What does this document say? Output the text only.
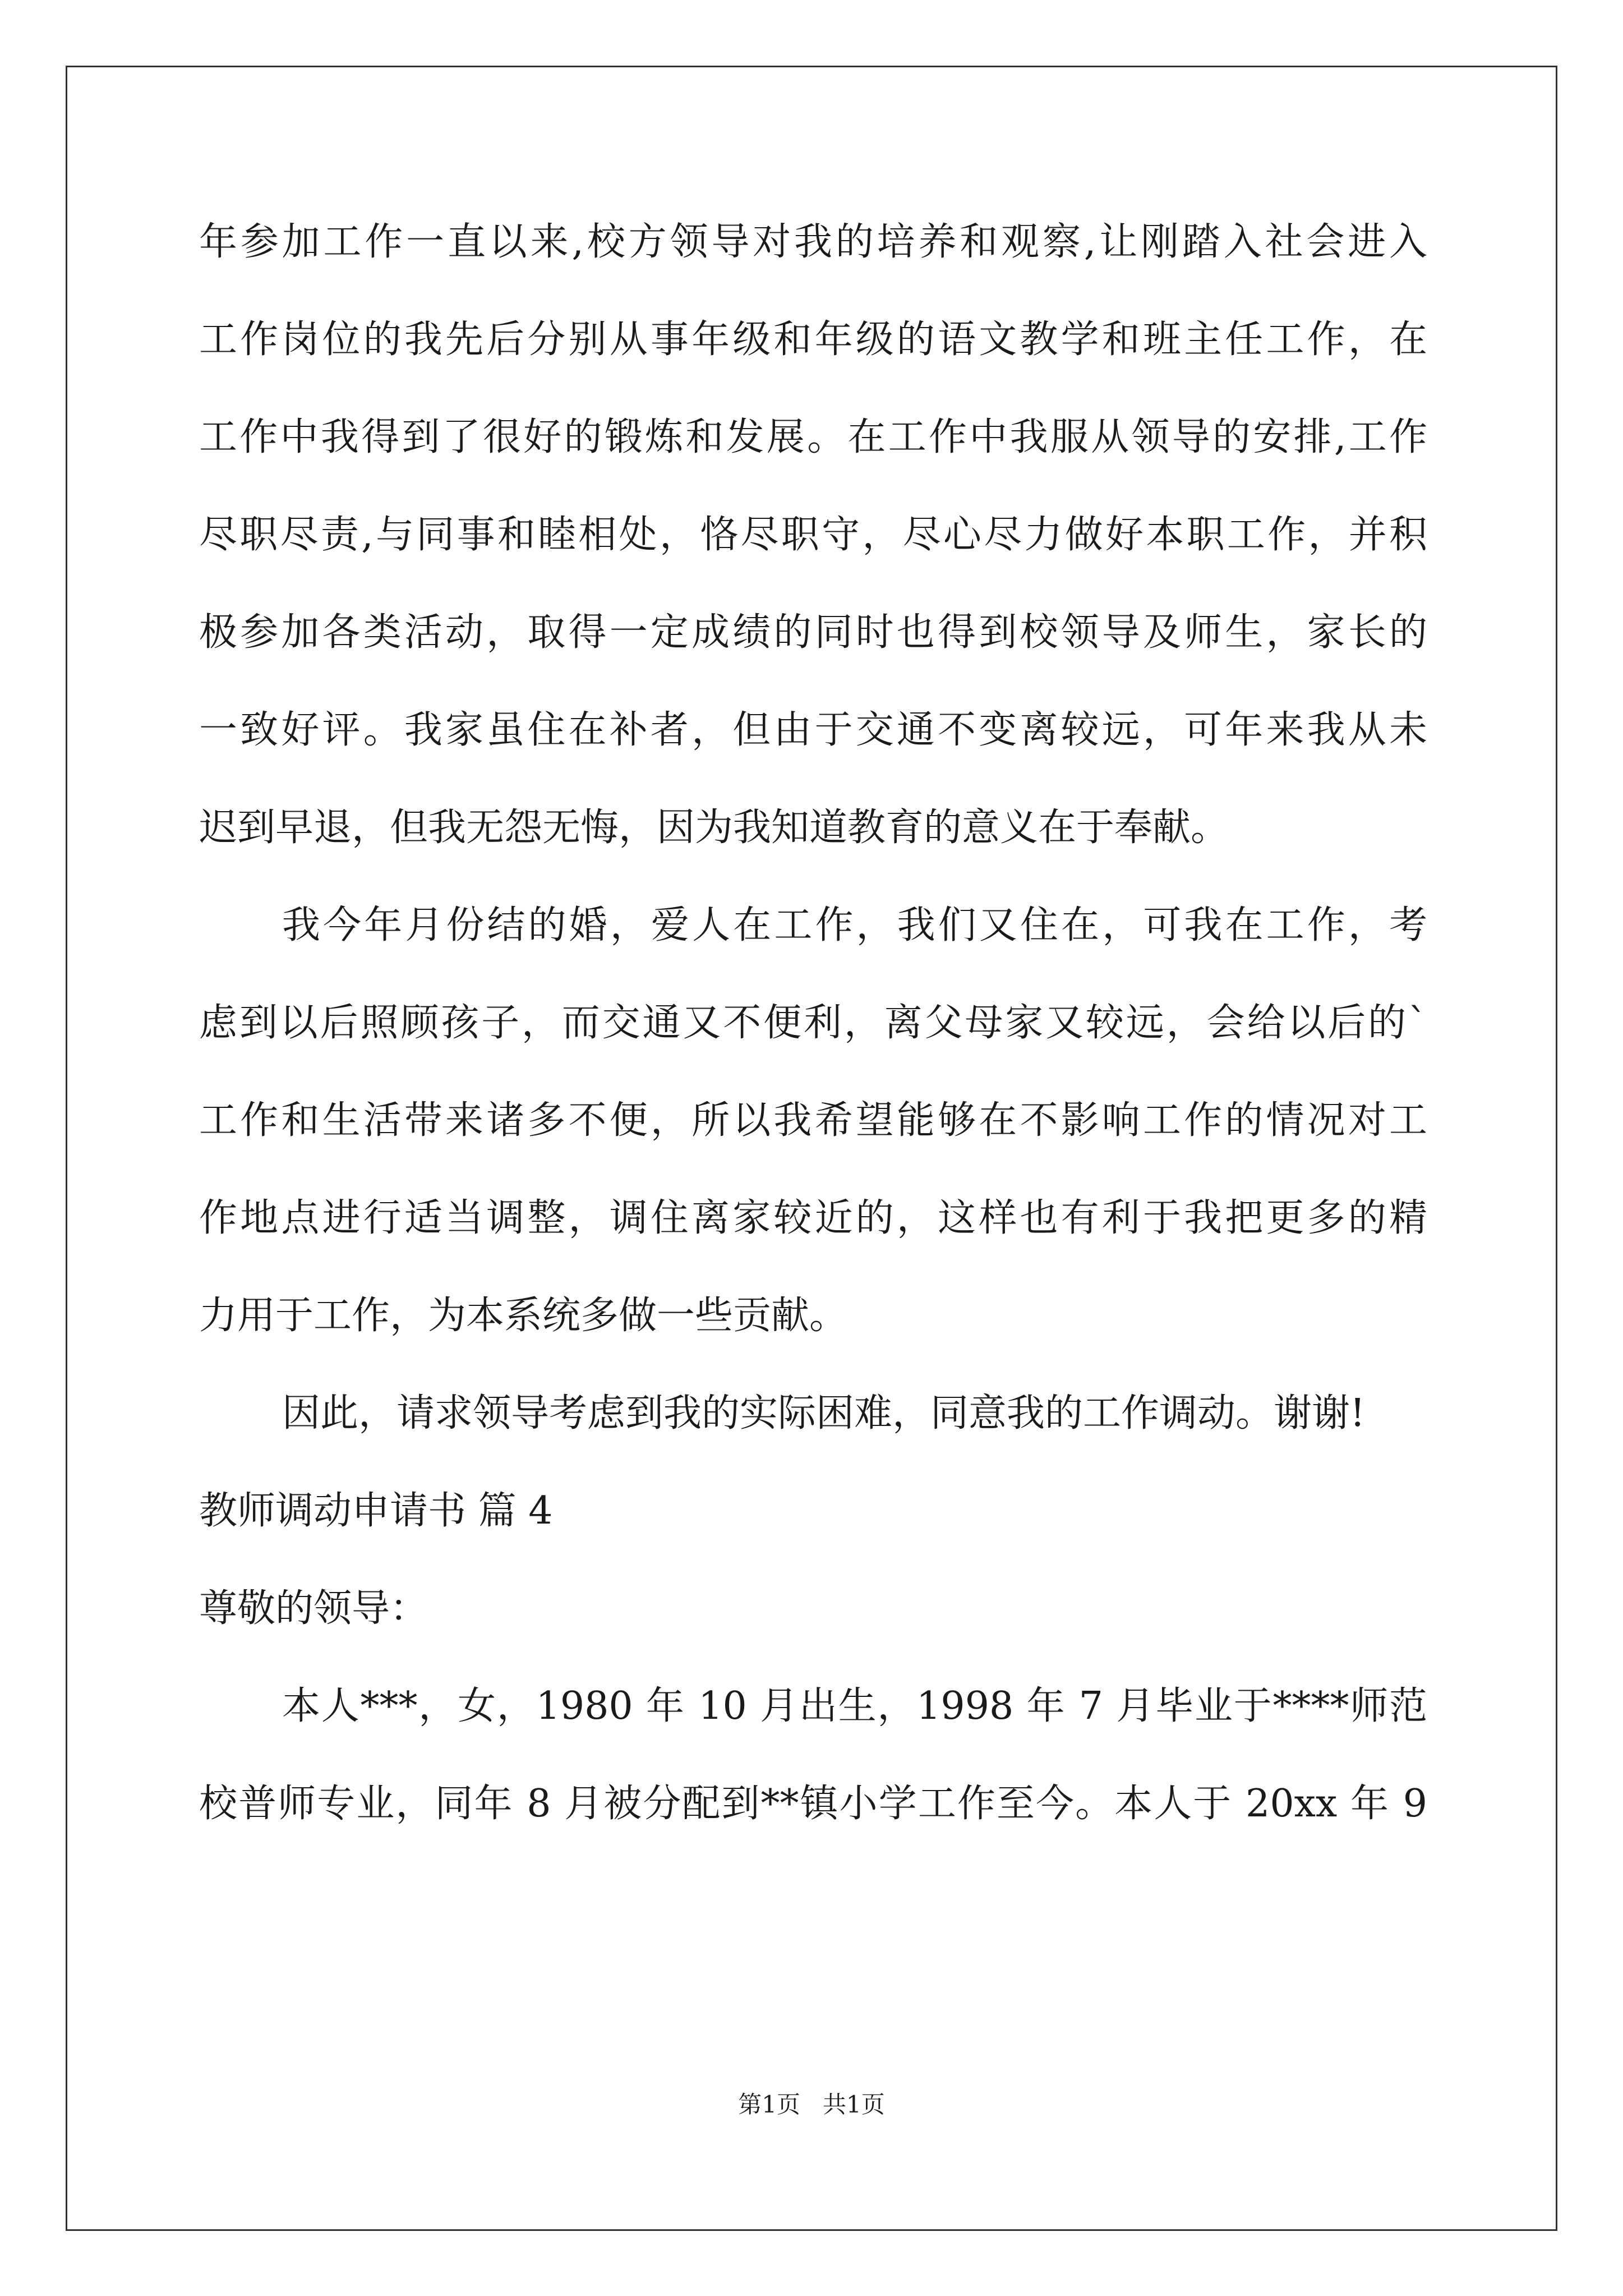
年参加工作一直以来,校方领导对我的培养和观察,让刚踏入社会进入
工作岗位的我先后分别从事年级和年级的语文教学和班主任工作，在
工作中我得到了很好的锻炼和发展。在工作中我服从领导的安排,工作
尽职尽责,与同事和睦相处，恪尽职守，尽心尽力做好本职工作，并积
极参加各类活动，取得一定成绩的同时也得到校领导及师生，家长的
一致好评。我家虽住在补者，但由于交通不变离较远，可年来我从未
迟到早退，但我无怨无悔，因为我知道教育的意义在于奉献。
我今年月份结的婚，爱人在工作，我们又住在，可我在工作，考
虑到以后照顾孩子，而交通又不便利，离父母家又较远，会给以后的`
工作和生活带来诸多不便，所以我希望能够在不影响工作的情况对工
作地点进行适当调整，调住离家较近的，这样也有利于我把更多的精
力用于工作，为本系统多做一些贡献。
因此，请求领导考虑到我的实际困难，同意我的工作调动。谢谢!
教师调动申请书 篇 4
尊敬的领导：
本人***，女，1980 年 10 月出生，1998 年 7 月毕业于****师范
校普师专业，同年 8 月被分配到**镇小学工作至今。本人于 20xx 年 9
第1页   共1页
